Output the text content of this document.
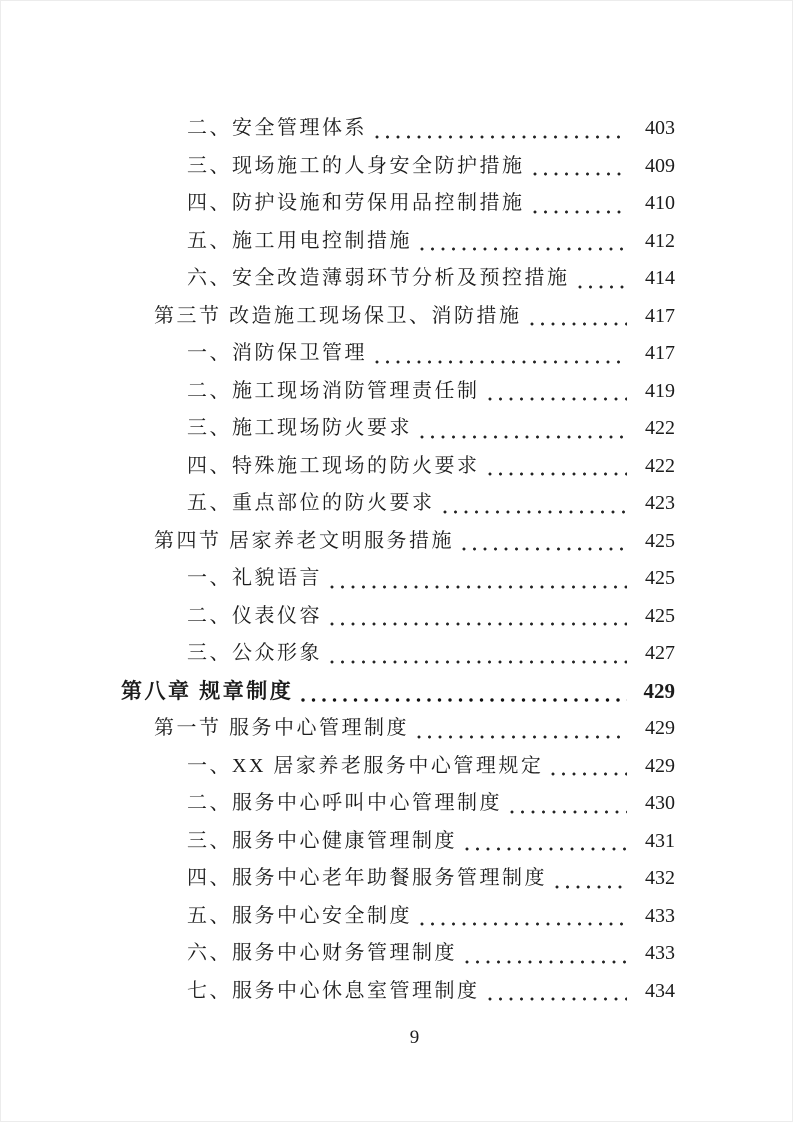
二、安全管理体系	403
三、现场施工的人身安全防护措施	409
四、防护设施和劳保用品控制措施	410
五、施工用电控制措施	412
六、安全改造薄弱环节分析及预控措施	414
第三节 改造施工现场保卫、消防措施	417
一、消防保卫管理	417
二、施工现场消防管理责任制	419
三、施工现场防火要求	422
四、特殊施工现场的防火要求	422
五、重点部位的防火要求	423
第四节 居家养老文明服务措施	425
一、礼貌语言	425
二、仪表仪容	425
三、公众形象	427
第八章 规章制度	429
第一节 服务中心管理制度	429
一、XX 居家养老服务中心管理规定	429
二、服务中心呼叫中心管理制度	430
三、服务中心健康管理制度	431
四、服务中心老年助餐服务管理制度	432
五、服务中心安全制度	433
六、服务中心财务管理制度	433
七、服务中心休息室管理制度	434
9
